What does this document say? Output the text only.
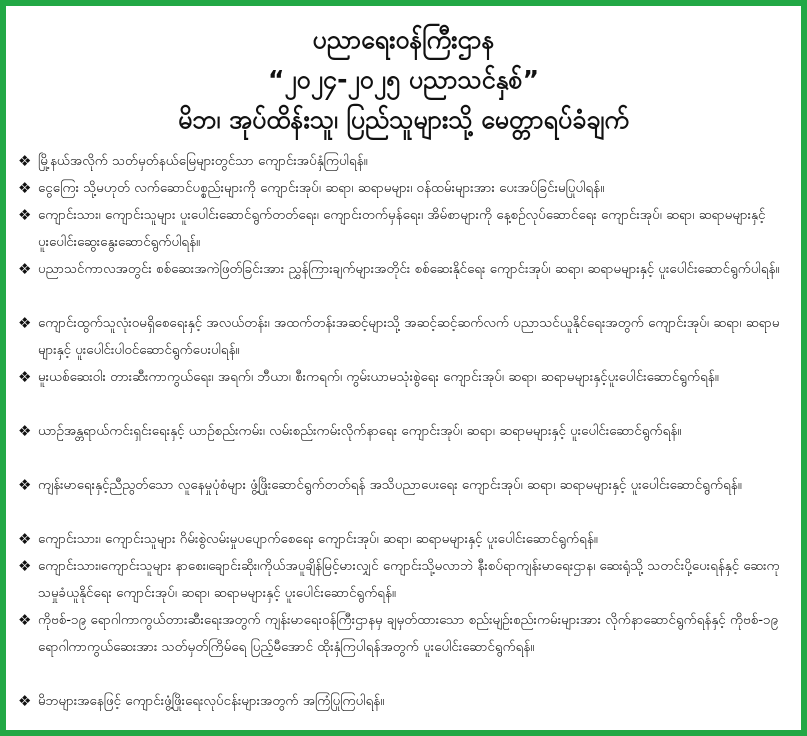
ပညာရေးဝန်ကြီးဌာန
“၂၀၂၄-၂၀၂၅ ပညာသင်နှစ်”
မိဘ၊ အုပ်ထိန်းသူ၊ ပြည်သူများသို့ မေတ္တာရပ်ခံချက်
❖ မြို့နယ်အလိုက် သတ်မှတ်နယ်မြေများတွင်သာ ကျောင်းအပ်နှံကြပါရန်။
❖ ငွေကြေး သို့မဟုတ် လက်ဆောင်ပစ္စည်းများကို ကျောင်းအုပ်၊ ဆရာ၊ ဆရာမများ၊ ဝန်ထမ်းများအား ပေးအပ်ခြင်းမပြုပါရန်။
❖ ကျောင်းသား၊ ကျောင်းသူများ ပူးပေါင်းဆောင်ရွက်တတ်ရေး၊ ကျောင်းတက်မှန်ရေး၊ အိမ်စာများကို နေ့စဉ်လုပ်ဆောင်ရေး ကျောင်းအုပ်၊ ဆရာ၊ ဆရာမများနှင့် ပူးပေါင်းဆွေးနွေးဆောင်ရွက်ပါရန်။
❖ ပညာသင်ကာလအတွင်း စစ်ဆေးအကဲဖြတ်ခြင်းအား ညွှန်ကြားချက်များအတိုင်း စစ်ဆေးနိုင်ရေး ကျောင်းအုပ်၊ ဆရာ၊ ဆရာမများနှင့် ပူးပေါင်းဆောင်ရွက်ပါရန်။
❖ ကျောင်းထွက်သူလုံးဝမရှိစေရေးနှင့် အလယ်တန်း၊ အထက်တန်းအဆင့်များသို့ အဆင့်ဆင့်ဆက်လက် ပညာသင်ယူနိုင်ရေးအတွက် ကျောင်းအုပ်၊ ဆရာ၊ ဆရာမများနှင့် ပူးပေါင်းပါဝင်ဆောင်ရွက်ပေးပါရန်။
❖ မူးယစ်ဆေးဝါး တားဆီးကာကွယ်ရေး၊ အရက်၊ ဘီယာ၊ စီးကရက်၊ ကွမ်းယာမသုံးစွဲရေး ကျောင်းအုပ်၊ ဆရာ၊ ဆရာမများနှင့်ပူးပေါင်းဆောင်ရွက်ရန်။
❖ ယာဉ်အန္တရာယ်ကင်းရှင်းရေးနှင့် ယာဉ်စည်းကမ်း၊ လမ်းစည်းကမ်းလိုက်နာရေး ကျောင်းအုပ်၊ ဆရာ၊ ဆရာမများနှင့် ပူးပေါင်းဆောင်ရွက်ရန်။
❖ ကျန်းမာရေးနှင့်ညီညွတ်သော လူနေမှုပုံစံများ ဖွံ့ဖြိုးဆောင်ရွက်တတ်ရန် အသိပညာပေးရေး ကျောင်းအုပ်၊ ဆရာ၊ ဆရာမများနှင့် ပူးပေါင်းဆောင်ရွက်ရန်။
❖ ကျောင်းသား၊ ကျောင်းသူများ ဂိမ်းစွဲလမ်းမှုပပျောက်စေရေး ကျောင်းအုပ်၊ ဆရာ၊ ဆရာမများနှင့် ပူးပေါင်းဆောင်ရွက်ရန်။
❖ ကျောင်းသား၊ကျောင်းသူများ နာစေး၊ချောင်းဆိုး၊ကိုယ်အပူချိန်မြင့်မားလျှင် ကျောင်းသို့မလာဘဲ နီးစပ်ရာကျန်းမာရေးဌာန၊ ဆေးရုံသို့ သတင်းပို့ပေးရန်နှင့် ဆေးကုသမှုခံယူနိုင်ရေး ကျောင်းအုပ်၊ ဆရာ၊ ဆရာမများနှင့် ပူးပေါင်းဆောင်ရွက်ရန်။
❖ ကိုဗစ်-၁၉ ရောဂါကာကွယ်တားဆီးရေးအတွက် ကျန်းမာရေးဝန်ကြီးဌာနမှ ချမှတ်ထားသော စည်းမျဉ်းစည်းကမ်းများအား လိုက်နာဆောင်ရွက်ရန်နှင့် ကိုဗစ်-၁၉ ရောဂါကာကွယ်ဆေးအား သတ်မှတ်ကြိမ်ရေ ပြည့်မီအောင် ထိုးနှံကြပါရန်အတွက် ပူးပေါင်းဆောင်ရွက်ရန်။
❖ မိဘများအနေဖြင့် ကျောင်းဖွံ့ဖြိုးရေးလုပ်ငန်းများအတွက် အကြံပြုကြပါရန်။
